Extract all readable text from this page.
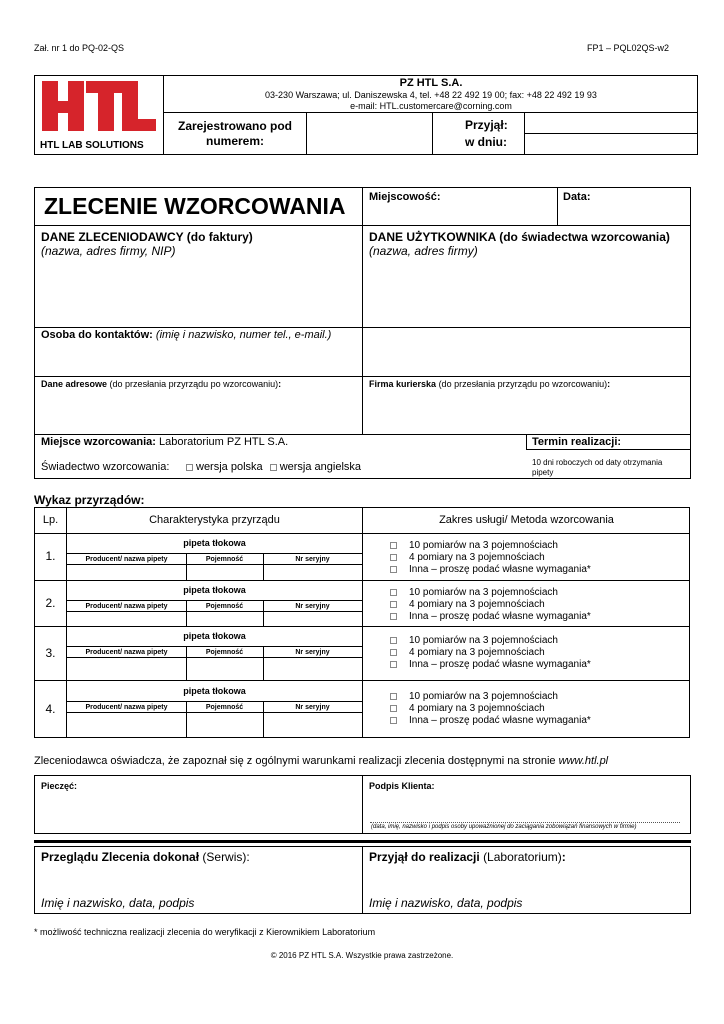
Zał. nr 1 do PQ-02-QS	FP1 – PQL02QS-w2
HTL LAB SOLUTIONS
PZ HTL S.A.
03-230 Warszawa; ul. Daniszewska 4, tel. +48 22 492 19 00; fax: +48 22 492 19 93
e-mail: HTL.customercare@corning.com
Zarejestrowano pod numerem:
Przyjął:
w dniu:
ZLECENIE WZORCOWANIA Miejscowość:	Data:
DANE ZLECENIODAWCY (do faktury)
(nazwa, adres firmy, NIP)
DANE UŻYTKOWNIKA (do świadectwa wzorcowania)
(nazwa, adres firmy)
Osoba do kontaktów: (imię i nazwisko, numer tel., e-mail.)
Dane adresowe (do przesłania przyrządu po wzorcowaniu):	Firma kurierska (do przesłania przyrządu po wzorcowaniu):
Miejsce wzorcowania: Laboratorium PZ HTL S.A.	Termin realizacji:
10 dni roboczych od daty otrzymania pipety
Świadectwo wzorcowania:	wersja polska wersja angielska
Wykaz przyrządów:
Lp.	Charakterystyka przyrządu	Zakres usługi/ Metoda wzorcowania
1.
pipeta tłokowa
Producent/ nazwa pipety	Pojemność	Nr seryjny
10 pomiarów na 3 pojemnościach
4 pomiary na 3 pojemnościach
Inna – proszę podać własne wymagania*
2.
pipeta tłokowa
Producent/ nazwa pipety	Pojemność	Nr seryjny
10 pomiarów na 3 pojemnościach
4 pomiary na 3 pojemnościach
Inna – proszę podać własne wymagania*
3.
pipeta tłokowa
Producent/ nazwa pipety	Pojemność	Nr seryjny
10 pomiarów na 3 pojemnościach
4 pomiary na 3 pojemnościach
Inna – proszę podać własne wymagania*
4.
pipeta tłokowa
Producent/ nazwa pipety	Pojemność	Nr seryjny
10 pomiarów na 3 pojemnościach
4 pomiary na 3 pojemnościach
Inna – proszę podać własne wymagania*
Zleceniodawca oświadcza, że zapoznał się z ogólnymi warunkami realizacji zlecenia dostępnymi na stronie www.htl.pl
Pieczęć:	Podpis Klienta:
(data, imię, nazwisko i podpis osoby upoważnionej do zaciągania zobowiązań finansowych w firmie)
Przeglądu Zlecenia dokonał (Serwis):
Imię i nazwisko, data, podpis
Przyjął do realizacji (Laboratorium):
Imię i nazwisko, data, podpis
* możliwość techniczna realizacji zlecenia do weryfikacji z Kierownikiem Laboratorium
© 2016 PZ HTL S.A. Wszystkie prawa zastrzeżone.
